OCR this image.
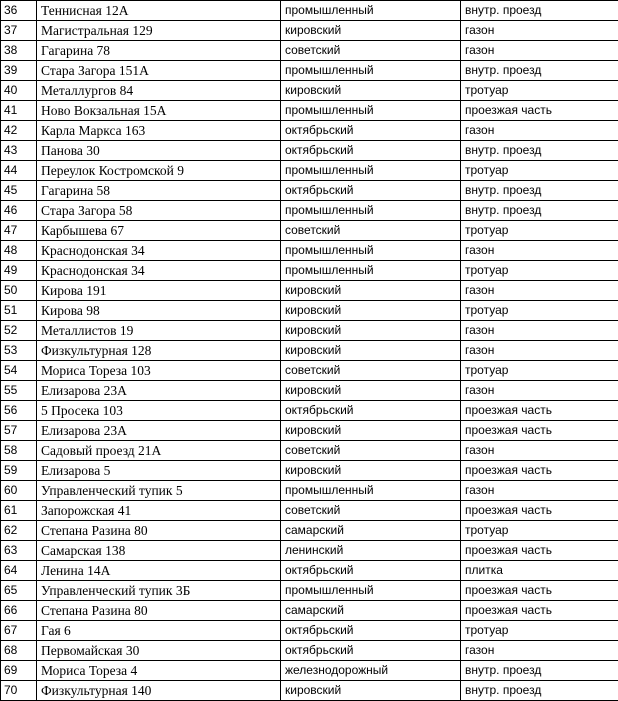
36	Теннисная 12А	промышленный	внутр. проезд
37	Магистральная 129	кировский	газон
38	Гагарина 78	советский	газон
39	Стара Загора 151А	промышленный	внутр. проезд
40	Металлургов 84	кировский	тротуар
41	Ново Вокзальная 15А	промышленный	проезжая часть
42	Карла Маркса 163	октябрьский	газон
43	Панова 30	октябрьский	внутр. проезд
44	Переулок Костромской 9	промышленный	тротуар
45	Гагарина 58	октябрьский	внутр. проезд
46	Стара Загора 58	промышленный	внутр. проезд
47	Карбышева 67	советский	тротуар
48	Краснодонская 34	промышленный	газон
49	Краснодонская 34	промышленный	тротуар
50	Кирова 191	кировский	газон
51	Кирова 98	кировский	тротуар
52	Металлистов 19	кировский	газон
53	Физкультурная 128	кировский	газон
54	Мориса Тореза 103	советский	тротуар
55	Елизарова 23А	кировский	газон
56	5 Просека 103	октябрьский	проезжая часть
57	Елизарова 23А	кировский	проезжая часть
58	Садовый проезд 21А	советский	газон
59	Елизарова 5	кировский	проезжая часть
60	Управленческий тупик 5	промышленный	газон
61	Запорожская 41	советский	проезжая часть
62	Степана Разина 80	самарский	тротуар
63	Самарская 138	ленинский	проезжая часть
64	Ленина 14А	октябрьский	плитка
65	Управленческий тупик 3Б	промышленный	проезжая часть
66	Степана Разина 80	самарский	проезжая часть
67	Гая 6	октябрьский	тротуар
68	Первомайская 30	октябрьский	газон
69	Мориса Тореза 4	железнодорожный	внутр. проезд
70	Физкультурная 140	кировский	внутр. проезд
